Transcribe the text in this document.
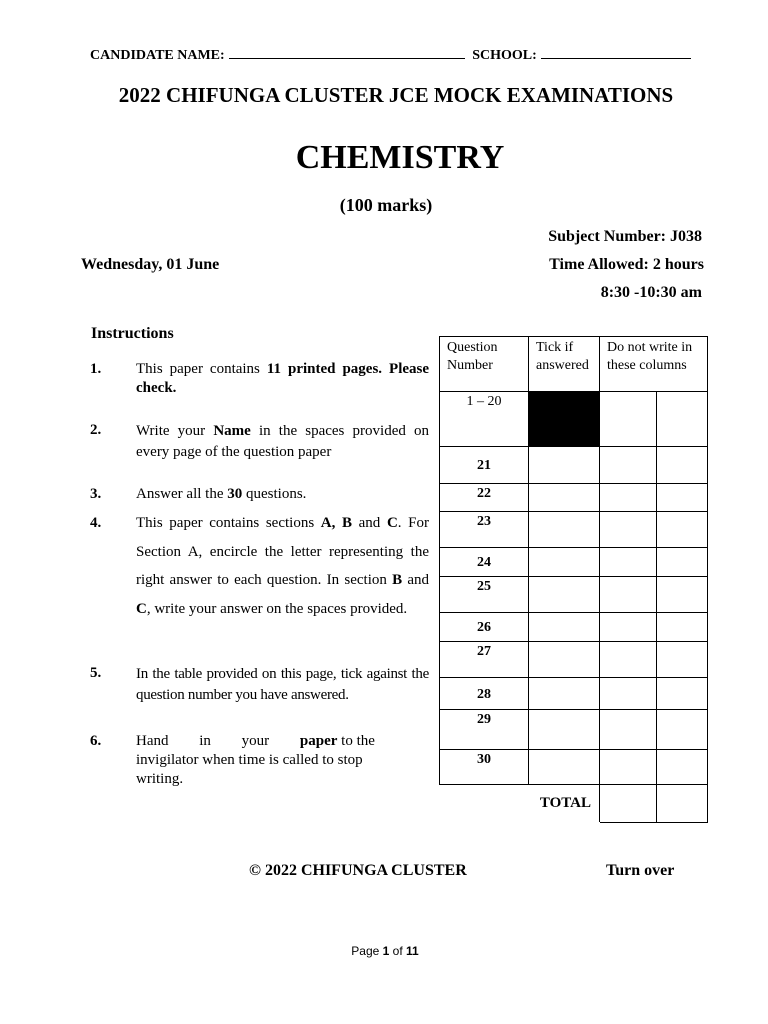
CANDIDATE NAME:	SCHOOL:
2022 CHIFUNGA CLUSTER JCE MOCK EXAMINATIONS
CHEMISTRY
(100 marks)
Subject Number: J038
Wednesday, 01 June	Time Allowed: 2 hours
8:30 -10:30 am
Instructions
1. This paper contains 11 printed pages. Please check.
2. Write your Name in the spaces provided on every page of the question paper
3. Answer all the 30 questions.
4. This paper contains sections A, B and C. For Section A, encircle the letter representing the right answer to each question. In section B and C, write your answer on the spaces provided.
5. In the table provided on this page, tick against the question number you have answered.
6. Hand in your paper to the invigilator when time is called to stop writing.
Question Number	Tick if answered	Do not write in these columns	
1 – 20			
21			
22			
23			
24			
25			
26			
27			
28			
29			
30			
TOTAL			
© 2022 CHIFUNGA CLUSTER	Turn over
Page 1 of 11
